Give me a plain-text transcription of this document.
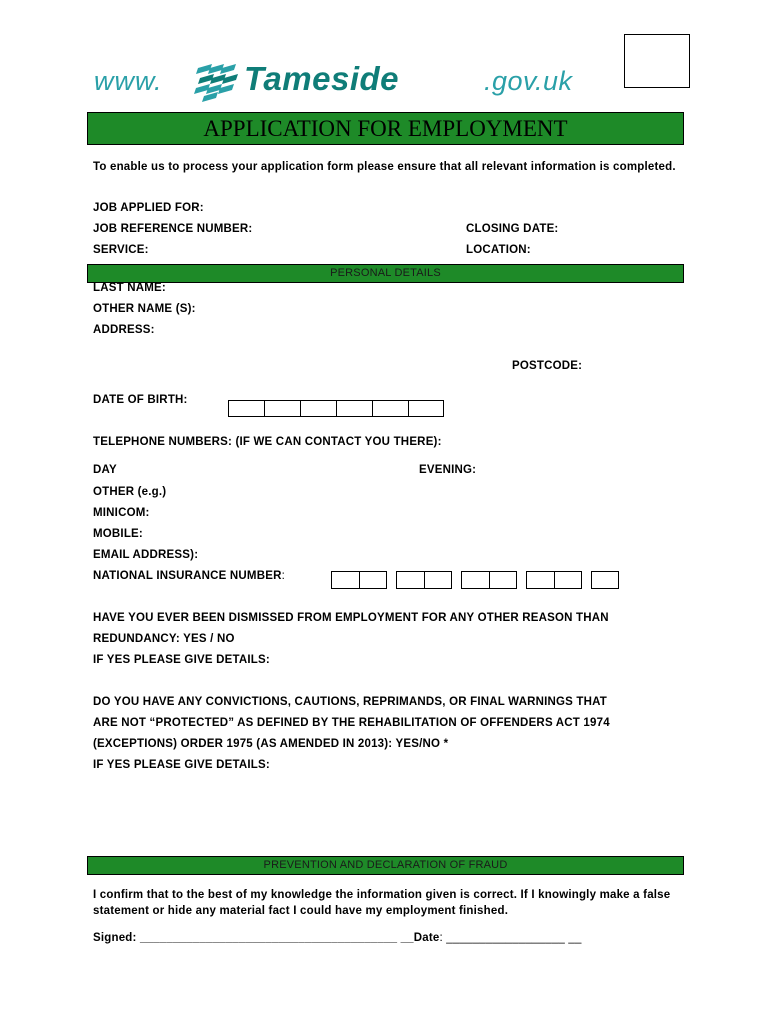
www. Tameside	.gov.uk
APPLICATION FOR EMPLOYMENT
To enable us to process your application form please ensure that all relevant information is completed.
JOB APPLIED FOR:
JOB REFERENCE NUMBER:	CLOSING DATE:
SERVICE:	LOCATION:
PERSONAL DETAILS
LAST NAME:
OTHER NAME (S):
ADDRESS:
POSTCODE:
DATE OF BIRTH:
TELEPHONE NUMBERS: (IF WE CAN CONTACT YOU THERE):
DAY	EVENING:
OTHER (e.g.)
MINICOM:
MOBILE:
EMAIL ADDRESS):
NATIONAL INSURANCE NUMBER:
HAVE YOU EVER BEEN DISMISSED FROM EMPLOYMENT FOR ANY OTHER REASON THAN
REDUNDANCY: YES / NO
IF YES PLEASE GIVE DETAILS:
DO YOU HAVE ANY CONVICTIONS, CAUTIONS, REPRIMANDS, OR FINAL WARNINGS THAT
ARE NOT “PROTECTED” AS DEFINED BY THE REHABILITATION OF OFFENDERS ACT 1974
(EXCEPTIONS) ORDER 1975 (AS AMENDED IN 2013): YES/NO *
IF YES PLEASE GIVE DETAILS:
PREVENTION AND DECLARATION OF FRAUD
I confirm that to the best of my knowledge the information given is correct. If I knowingly make a false statement or hide any material fact I could have my employment finished.
Signed: _______________________________________ __Date: __________________ __
